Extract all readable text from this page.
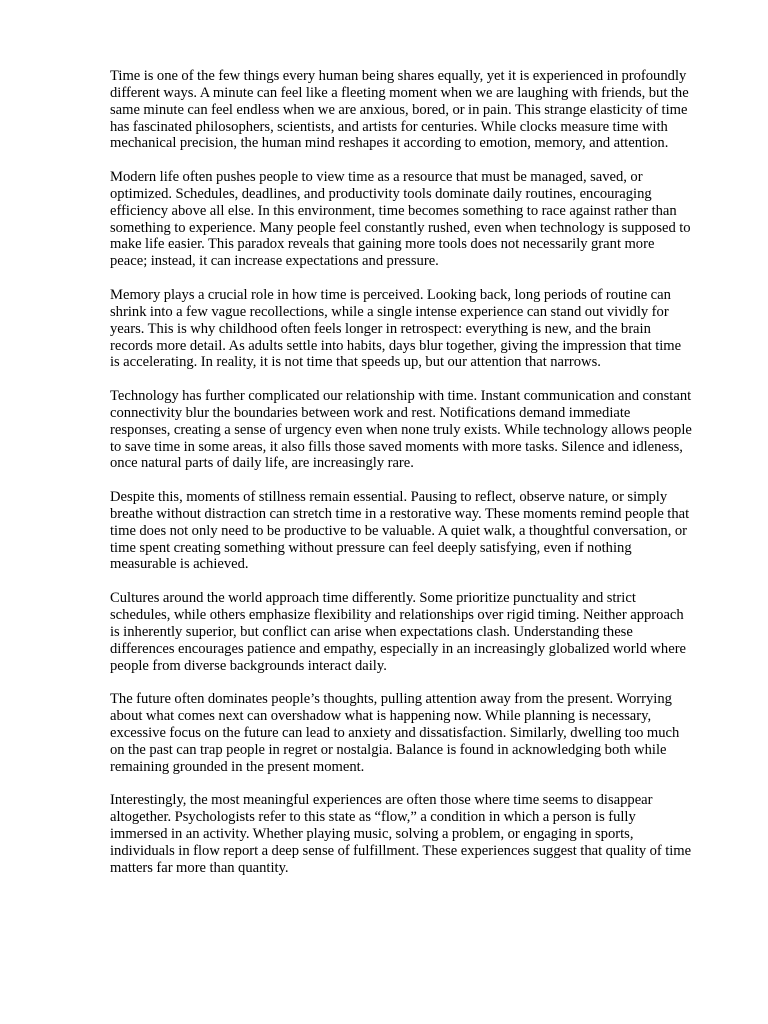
Time is one of the few things every human being shares equally, yet it is experienced in profoundly different ways. A minute can feel like a fleeting moment when we are laughing with friends, but the same minute can feel endless when we are anxious, bored, or in pain. This strange elasticity of time has fascinated philosophers, scientists, and artists for centuries. While clocks measure time with mechanical precision, the human mind reshapes it according to emotion, memory, and attention.

Modern life often pushes people to view time as a resource that must be managed, saved, or optimized. Schedules, deadlines, and productivity tools dominate daily routines, encouraging efficiency above all else. In this environment, time becomes something to race against rather than something to experience. Many people feel constantly rushed, even when technology is supposed to make life easier. This paradox reveals that gaining more tools does not necessarily grant more peace; instead, it can increase expectations and pressure.

Memory plays a crucial role in how time is perceived. Looking back, long periods of routine can shrink into a few vague recollections, while a single intense experience can stand out vividly for years. This is why childhood often feels longer in retrospect: everything is new, and the brain records more detail. As adults settle into habits, days blur together, giving the impression that time is accelerating. In reality, it is not time that speeds up, but our attention that narrows.

Technology has further complicated our relationship with time. Instant communication and constant connectivity blur the boundaries between work and rest. Notifications demand immediate responses, creating a sense of urgency even when none truly exists. While technology allows people to save time in some areas, it also fills those saved moments with more tasks. Silence and idleness, once natural parts of daily life, are increasingly rare.

Despite this, moments of stillness remain essential. Pausing to reflect, observe nature, or simply breathe without distraction can stretch time in a restorative way. These moments remind people that time does not only need to be productive to be valuable. A quiet walk, a thoughtful conversation, or time spent creating something without pressure can feel deeply satisfying, even if nothing measurable is achieved.

Cultures around the world approach time differently. Some prioritize punctuality and strict schedules, while others emphasize flexibility and relationships over rigid timing. Neither approach is inherently superior, but conflict can arise when expectations clash. Understanding these differences encourages patience and empathy, especially in an increasingly globalized world where people from diverse backgrounds interact daily.

The future often dominates people’s thoughts, pulling attention away from the present. Worrying about what comes next can overshadow what is happening now. While planning is necessary, excessive focus on the future can lead to anxiety and dissatisfaction. Similarly, dwelling too much on the past can trap people in regret or nostalgia. Balance is found in acknowledging both while remaining grounded in the present moment.

Interestingly, the most meaningful experiences are often those where time seems to disappear altogether. Psychologists refer to this state as “flow,” a condition in which a person is fully immersed in an activity. Whether playing music, solving a problem, or engaging in sports, individuals in flow report a deep sense of fulfillment. These experiences suggest that quality of time matters far more than quantity.
